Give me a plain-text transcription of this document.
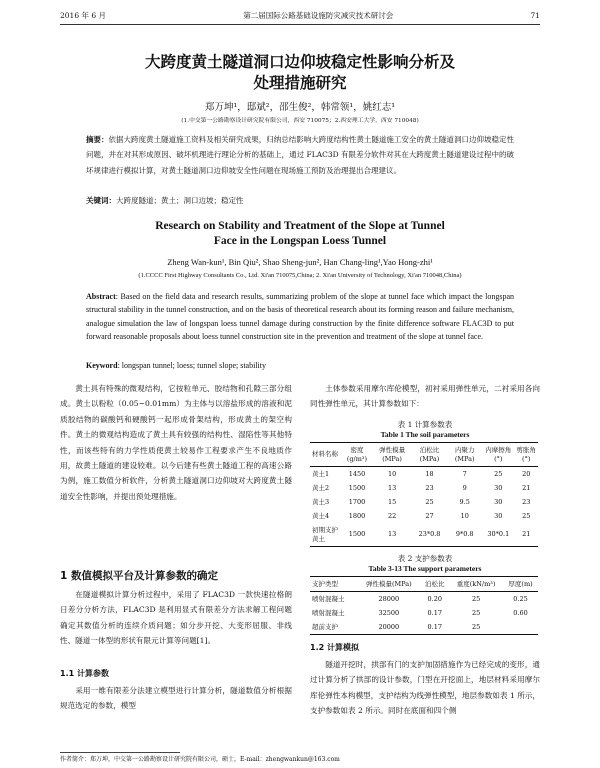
2016 年 6 月	第二届国际公路基础设施防灾减灾技术研讨会	71
大跨度黄土隧道洞口边仰坡稳定性影响分析及
处理措施研究
郑万坤¹，邸斌²，邵生俊²，韩常领¹，姚红志¹
(1.中交第一公路勘察设计研究院有限公司，西安 710075；2.西安理工大学，西安 710048)
摘要：依据大跨度黄土隧道施工资料及相关研究成果，归纳总结影响大跨度结构性黄土隧道施工安全的黄土隧道洞口边仰坡稳定性问题，并在对其形成原因、破坏机理进行理论分析的基础上，通过 FLAC3D 有限差分软件对其在大跨度黄土隧道建设过程中的破坏规律进行模拟计算，对黄土隧道洞口边仰坡安全性问题在现场施工预防及治理提出合理建议。
关键词：大跨度隧道；黄土；洞口边坡；稳定性
Research on Stability and Treatment of the Slope at Tunnel
Face in the Longspan Loess Tunnel
Zheng Wan-kun¹, Bin Qiu², Shao Sheng-jun², Han Chang-ling¹,Yao Hong-zhi¹
(1.CCCC First Highway Consultants Co., Ltd. Xi'an 710075,China; 2. Xi'an University of Technology, Xi'an 710048,China)
Abstract: Based on the field data and research results, summarizing problem of the slope at tunnel face which impact the longspan structural stability in the tunnel construction, and on the basis of theoretical research about its forming reason and failure mechanism, analogue simulation the law of longspan loess tunnel damage during construction by the finite difference software FLAC3D to put forward reasonable proposals about loess tunnel construction site in the prevention and treatment of the slope at tunnel face.
Keyword: longspan tunnel; loess; tunnel slope; stability

黄土具有特殊的微观结构，它按粒单元、胶结物和孔隙三部分组成。黄土以粉粒（0.05~0.01mm）为主体与以溶盐形成的溶液和泥质胶结物的碳酸钙和硬酸钙一起形成骨架结构，形成黄土的架空构件。黄土的微观结构造成了黄土具有较强的结构性、湿陷性等其他特性，而该些特有的力学性质使黄土较易作工程要求产生不良地质作用，故黄土隧道的建设较难。以今后建有些黄土隧道工程的高速公路为例，施工数值分析软件，分析黄土隧道洞口边仰坡对大跨度黄土隧道安全性影响，并提出预处理措施。

1 数值模拟平台及计算参数的确定

在隧道模拟计算分析过程中，采用了 FLAC3D 一款快速拉格朗日差分分析方法，FLAC3D 是利用显式有限差分方法求解工程问题确定其数值分析的连续介质问题；如分步开挖、大变形屈服、非线性、隧道一体型的形状有限元计算等问题[1]。

1.1 计算参数

采用一维有限差分法建立模型进行计算分析，隧道数值分析根据规范选定的参数，模型

土体参数采用摩尔库伦模型，初衬采用弹性单元，二衬采用各向同性弹性单元，其计算参数如下：

表 1 计算参数表
Table 1 The soil parameters
材料名称	密度(g/m³)	弹性模量(MPa)	泊松比(MPa)	内聚力(MPa)	内摩擦角(°)	剪胀角(°)
黄土1	1450	10	18	7	25	20
黄土2	1500	13	23	9	30	21
黄土3	1700	15	25	9.5	30	23
黄土4	1800	22	27	10	30	25
初期支护黄土	1500	13	23*0.8	9*0.8	30*0.1	21
表 2 支护参数表
Table 3-13 The support parameters
支护类型	弹性模量(MPa)	泊松比	重度(kN/m³)	厚度(m)
喷射混凝土	28000	0.20	25	0.25
喷射混凝土	32500	0.17	25	0.60
超前支护	20000	0.17	25	
1.2 计算模拟

隧道开挖时，拱部有门的支护加固措施作为已经完成的变形，通过计算分析了拱部的设计参数，门型在开挖面上，地层材料采用摩尔库伦弹性本构模型，支护结构为线弹性模型，地层参数如表 1 所示，支护参数如表 2 所示。同时在底面和四个侧

作者简介：郑万坤，中交第一公路勘察设计研究院有限公司，硕士，E-mail：zhengwankun@163.com
